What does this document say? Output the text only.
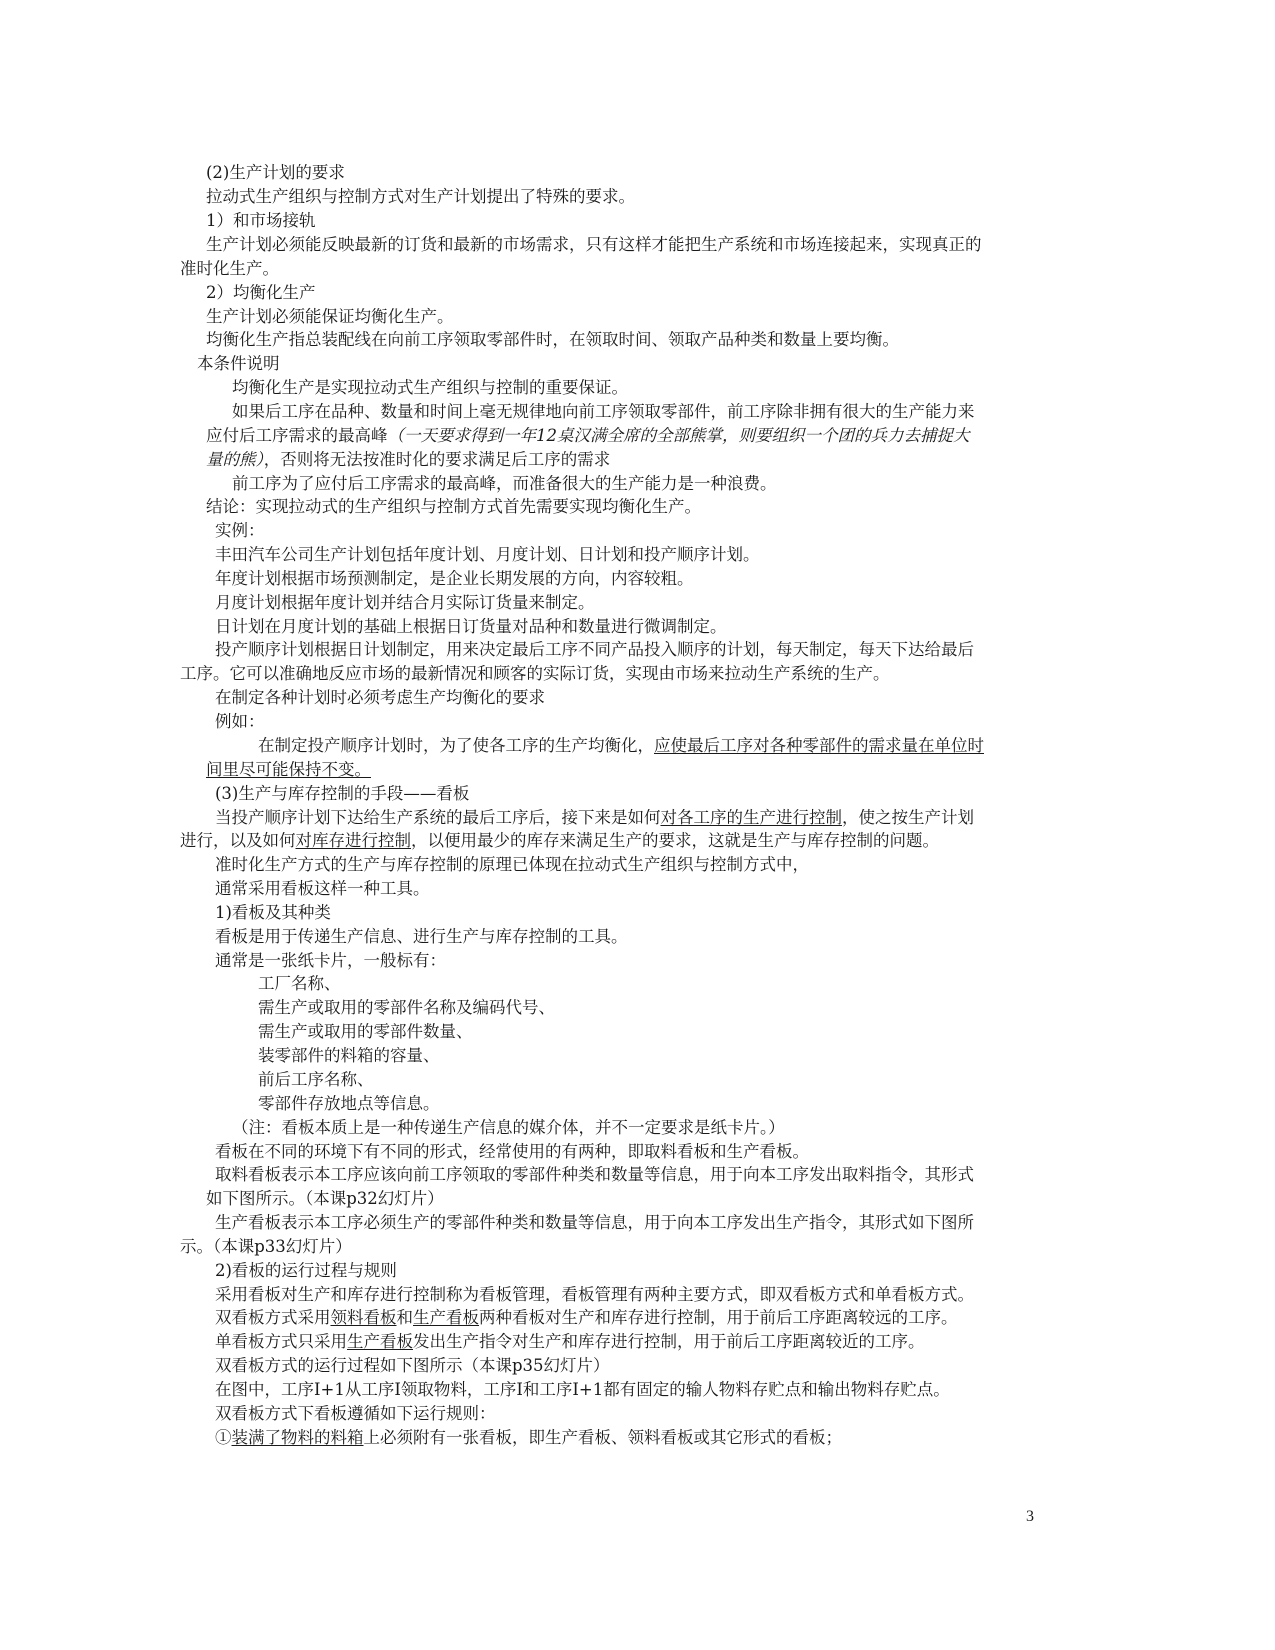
(2)生产计划的要求
拉动式生产组织与控制方式对生产计划提出了特殊的要求。
1）和市场接轨
生产计划必须能反映最新的订货和最新的市场需求，只有这样才能把生产系统和市场连接起来，实现真正的
准时化生产。
2）均衡化生产
生产计划必须能保证均衡化生产。
均衡化生产指总装配线在向前工序领取零部件时，在领取时间、领取产品种类和数量上要均衡。
本条件说明
均衡化生产是实现拉动式生产组织与控制的重要保证。
如果后工序在品种、数量和时间上毫无规律地向前工序领取零部件，前工序除非拥有很大的生产能力来
应付后工序需求的最高峰（一天要求得到一年12桌汉满全席的全部熊掌，则要组织一个团的兵力去捕捉大
量的熊），否则将无法按准时化的要求满足后工序的需求
前工序为了应付后工序需求的最高峰，而准备很大的生产能力是一种浪费。
结论：实现拉动式的生产组织与控制方式首先需要实现均衡化生产。
实例：
丰田汽车公司生产计划包括年度计划、月度计划、日计划和投产顺序计划。
年度计划根据市场预测制定，是企业长期发展的方向，内容较粗。
月度计划根据年度计划并结合月实际订货量来制定。
日计划在月度计划的基础上根据日订货量对品种和数量进行微调制定。
投产顺序计划根据日计划制定，用来决定最后工序不同产品投入顺序的计划，每天制定，每天下达给最后
工序。它可以准确地反应市场的最新情况和顾客的实际订货，实现由市场来拉动生产系统的生产。
在制定各种计划时必须考虑生产均衡化的要求
例如：
在制定投产顺序计划时，为了使各工序的生产均衡化，应使最后工序对各种零部件的需求量在单位时
间里尽可能保持不变。
(3)生产与库存控制的手段——看板
当投产顺序计划下达给生产系统的最后工序后，接下来是如何对各工序的生产进行控制，使之按生产计划
进行，以及如何对库存进行控制，以便用最少的库存来满足生产的要求，这就是生产与库存控制的问题。
准时化生产方式的生产与库存控制的原理已体现在拉动式生产组织与控制方式中，
通常采用看板这样一种工具。
1)看板及其种类
看板是用于传递生产信息、进行生产与库存控制的工具。
通常是一张纸卡片，一般标有：
工厂名称、
需生产或取用的零部件名称及编码代号、
需生产或取用的零部件数量、
装零部件的料箱的容量、
前后工序名称、
零部件存放地点等信息。
（注：看板本质上是一种传递生产信息的媒介体，并不一定要求是纸卡片。）
看板在不同的环境下有不同的形式，经常使用的有两种，即取料看板和生产看板。
取料看板表示本工序应该向前工序领取的零部件种类和数量等信息，用于向本工序发出取料指令，其形式
如下图所示。（本课p32幻灯片）
生产看板表示本工序必须生产的零部件种类和数量等信息，用于向本工序发出生产指令，其形式如下图所
示。（本课p33幻灯片）
2)看板的运行过程与规则
采用看板对生产和库存进行控制称为看板管理，看板管理有两种主要方式，即双看板方式和单看板方式。
双看板方式采用领料看板和生产看板两种看板对生产和库存进行控制，用于前后工序距离较远的工序。
单看板方式只采用生产看板发出生产指令对生产和库存进行控制，用于前后工序距离较近的工序。
双看板方式的运行过程如下图所示（本课p35幻灯片）
在图中，工序I+1从工序I领取物料，工序I和工序I+1都有固定的输人物料存贮点和输出物料存贮点。
双看板方式下看板遵循如下运行规则：
①装满了物料的料箱上必须附有一张看板，即生产看板、领料看板或其它形式的看板；
3
